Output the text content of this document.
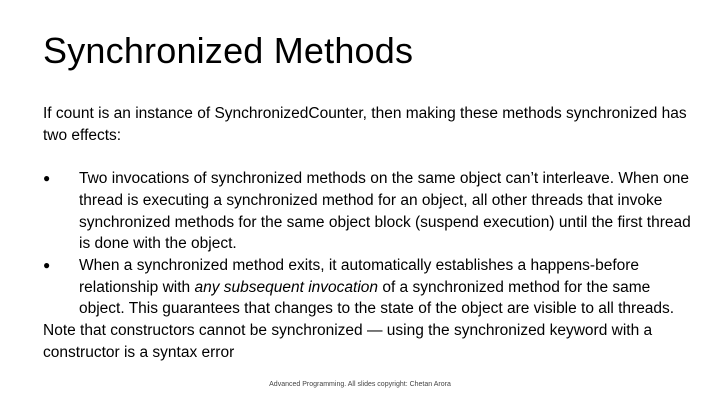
Synchronized Methods

If count is an instance of SynchronizedCounter, then making these methods synchronized has two effects:

●	Two invocations of synchronized methods on the same object can’t interleave. When one thread is executing a synchronized method for an object, all other threads that invoke synchronized methods for the same object block (suspend execution) until the first thread is done with the object.
●	When a synchronized method exits, it automatically establishes a happens-before relationship with any subsequent invocation of a synchronized method for the same object. This guarantees that changes to the state of the object are visible to all threads.

Note that constructors cannot be synchronized — using the synchronized keyword with a constructor is a syntax error

Advanced Programming. All slides copyright: Chetan Arora
